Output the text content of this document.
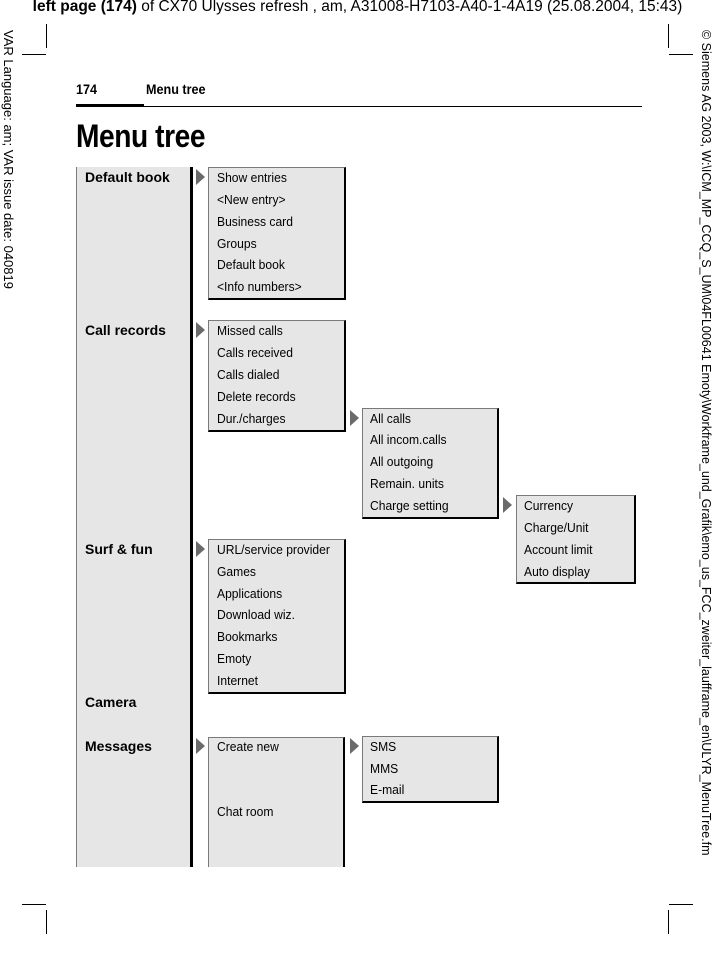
left page (174) of CX70 Ulysses refresh , am, A31008-H7103-A40-1-4A19 (25.08.2004, 15:43)
VAR Language: am; VAR issue date: 040819	© Siemens AG 2003, W:\ICM_MP_CCQ_S_UM\04FL00641 Emoty\Workframe_und_Grafik\emo_us_FCC_zweiter_laufframe_en\ULYR_MenuTree.fm
174	Menu tree
Menu tree
Default book
Call records
Surf & fun
Camera
Messages
Show entries
<New entry>
Business card
Groups
Default book
<Info numbers>
Missed calls
Calls received
Calls dialed
Delete records
Dur./charges	All calls
All incom.calls
All outgoing
Remain. units
Charge setting	Currency
Charge/Unit
Account limit
Auto display
URL/service provider
Games
Applications
Download wiz.
Bookmarks
Emoty
Internet
Create new
Chat room
SMS
MMS
E-mail
